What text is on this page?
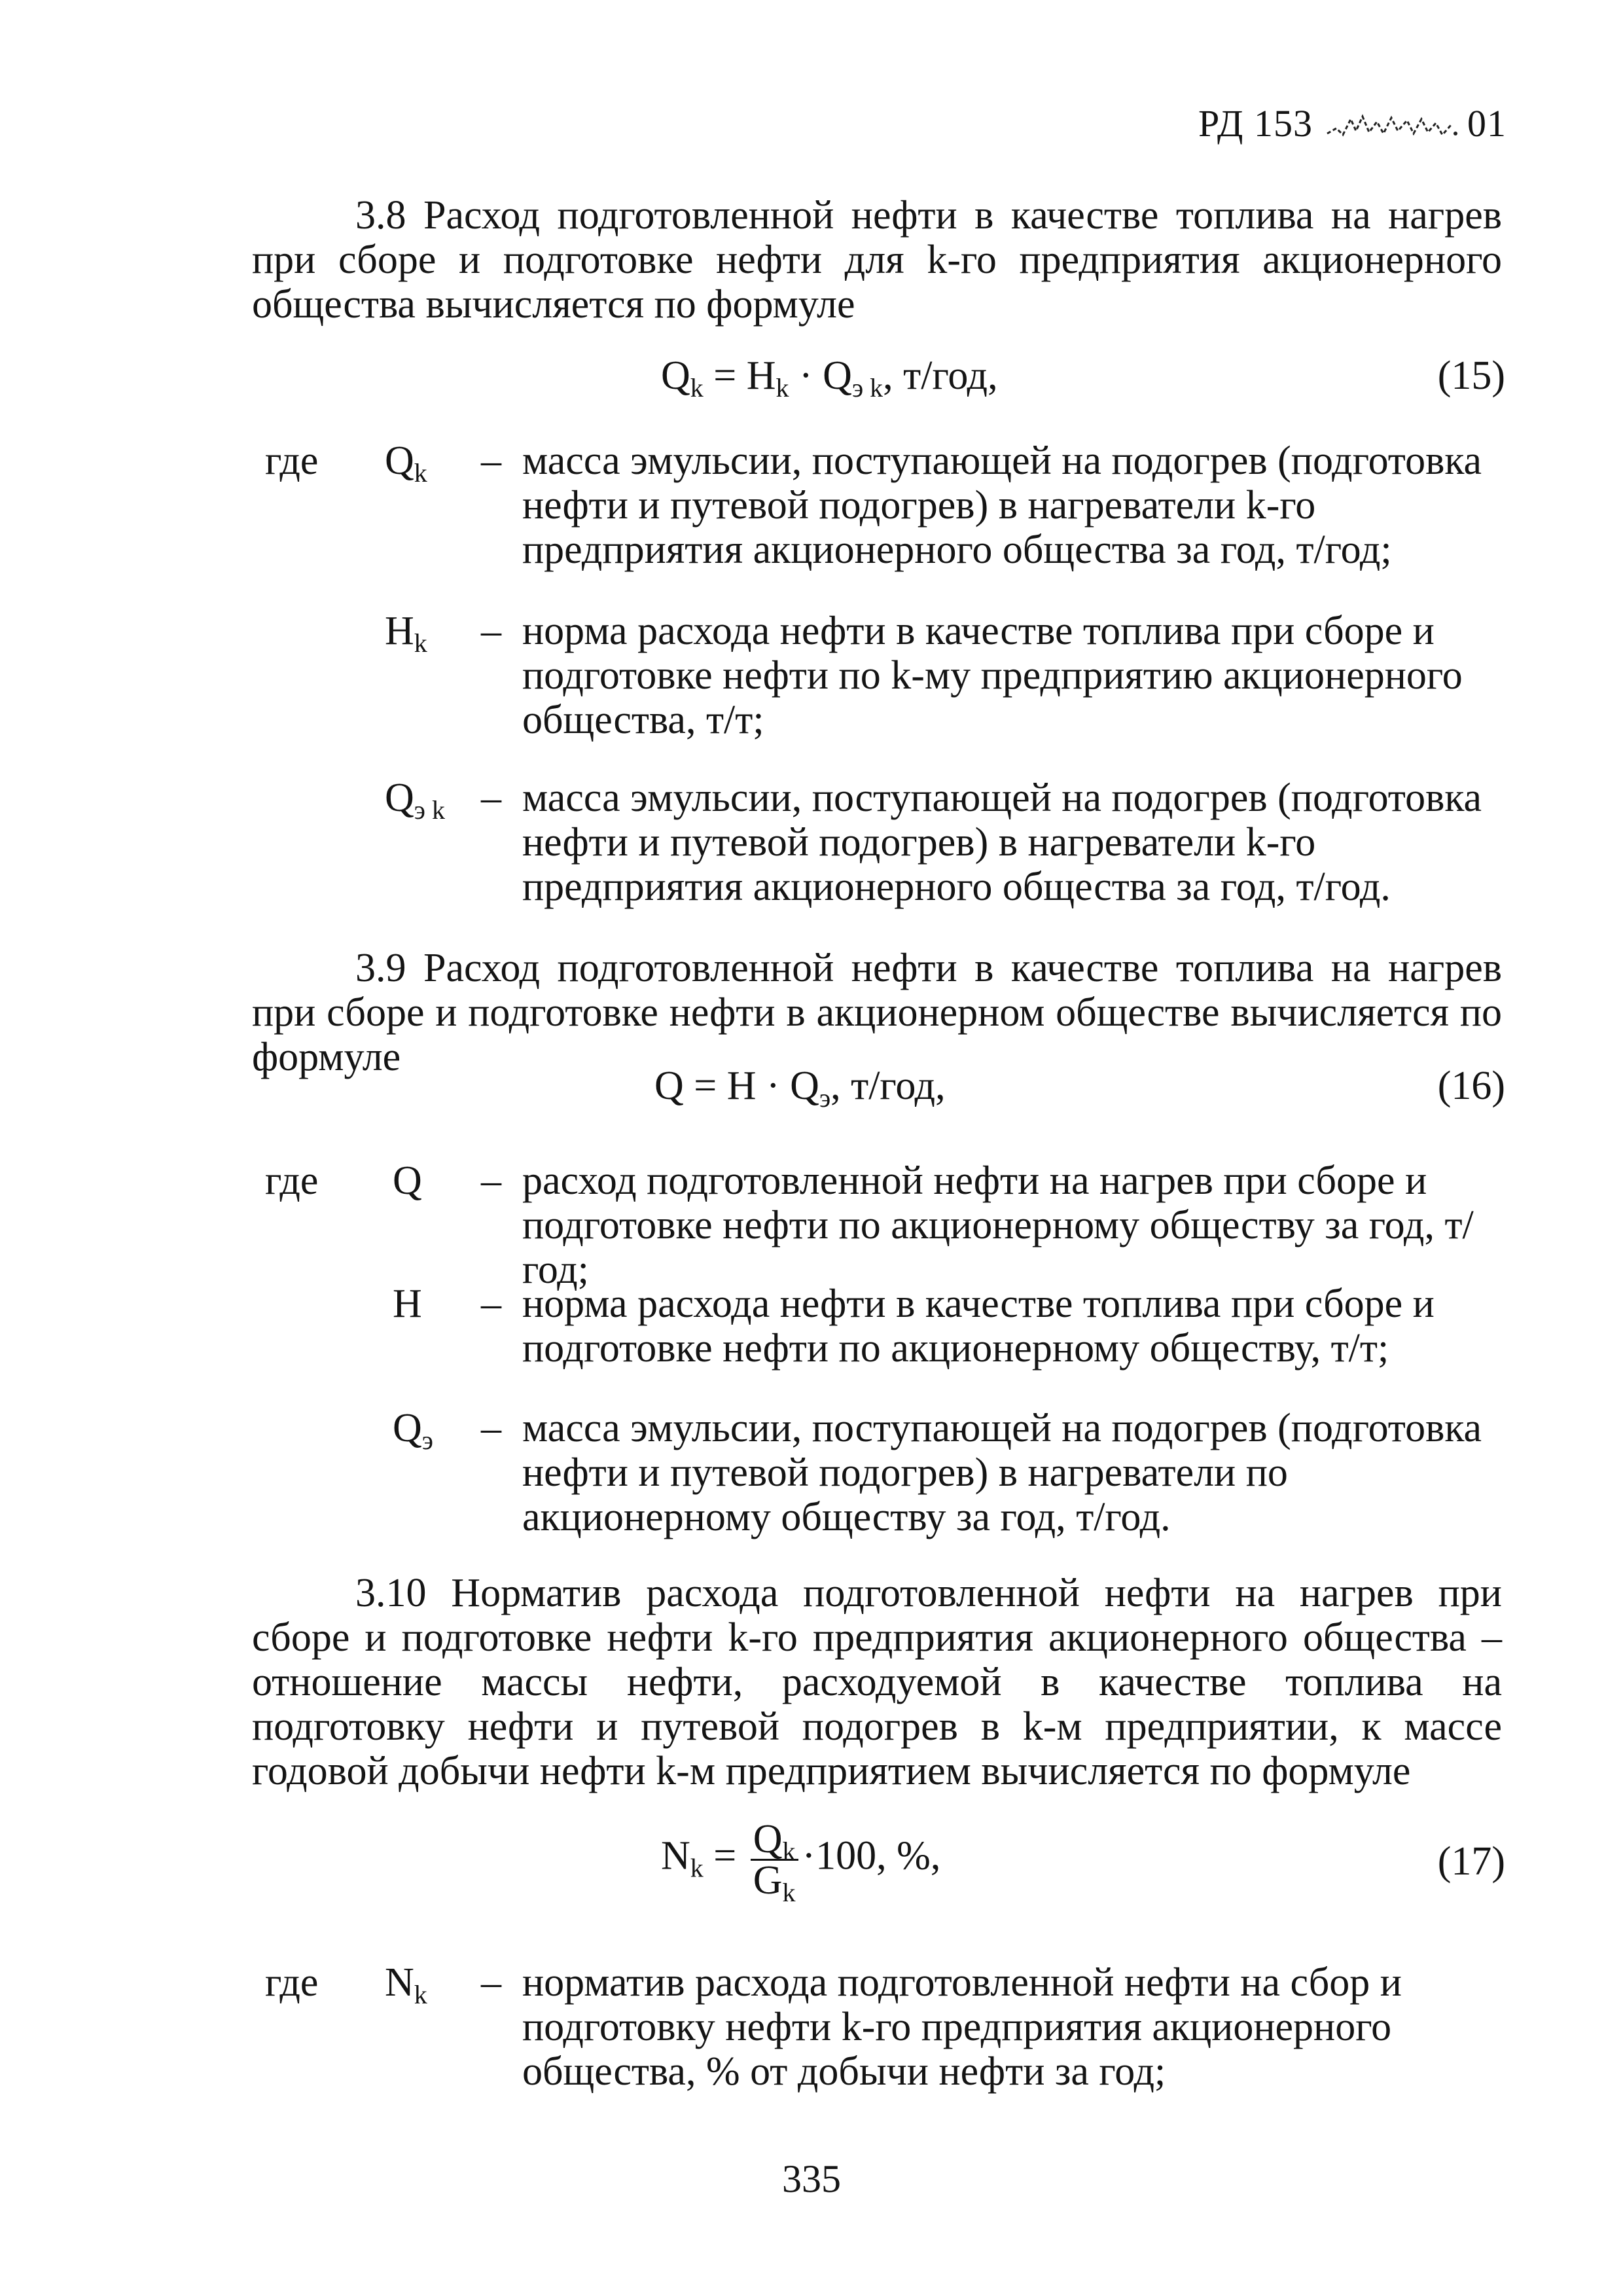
РД 153	01
3.8 Расход подготовленной нефти в качестве топлива на нагрев при сборе и подготовке нефти для k-го предприятия акционерного общества вычисляется по формуле
$Q_k = Н_k \cdot Q_{э k}$, т/год,	(15)
где $Q_k$ – масса эмульсии, поступающей на подогрев (подготовка нефти и путевой подогрев) в нагреватели k-го предприятия акционерного общества за год, т/год;
$Н_k$ – норма расхода нефти в качестве топлива при сборе и подготовке нефти по k-му предприятию акционерного общества, т/т;
$Q_{э k}$ – масса эмульсии, поступающей на подогрев (подготовка нефти и путевой подогрев) в нагреватели k-го предприятия акционерного общества за год, т/год.
3.9 Расход подготовленной нефти в качестве топлива на нагрев при сборе и подготовке нефти в акционерном обществе вычисляется по формуле
$Q = Н \cdot Q_э$, т/год,	(16)
где Q – расход подготовленной нефти на нагрев при сборе и подготовке нефти по акционерному обществу за год, т/год;
Н – норма расхода нефти в качестве топлива при сборе и подготовке нефти по акционерному обществу, т/т;
$Q_э$ – масса эмульсии, поступающей на подогрев (подготовка нефти и путевой подогрев) в нагреватели по акционерному обществу за год, т/год.
3.10 Норматив расхода подготовленной нефти на нагрев при сборе и подготовке нефти k-го предприятия акционерного общества – отношение массы нефти, расходуемой в качестве топлива на подготовку нефти и путевой подогрев в k-м предприятии, к массе годовой добычи нефти k-м предприятием вычисляется по формуле
$N_k = \frac{Q_k}{G_k} \cdot 100$, %,	(17)
где $N_k$ – норматив расхода подготовленной нефти на сбор и подготовку нефти k-го предприятия акционерного общества, % от добычи нефти за год;
335
